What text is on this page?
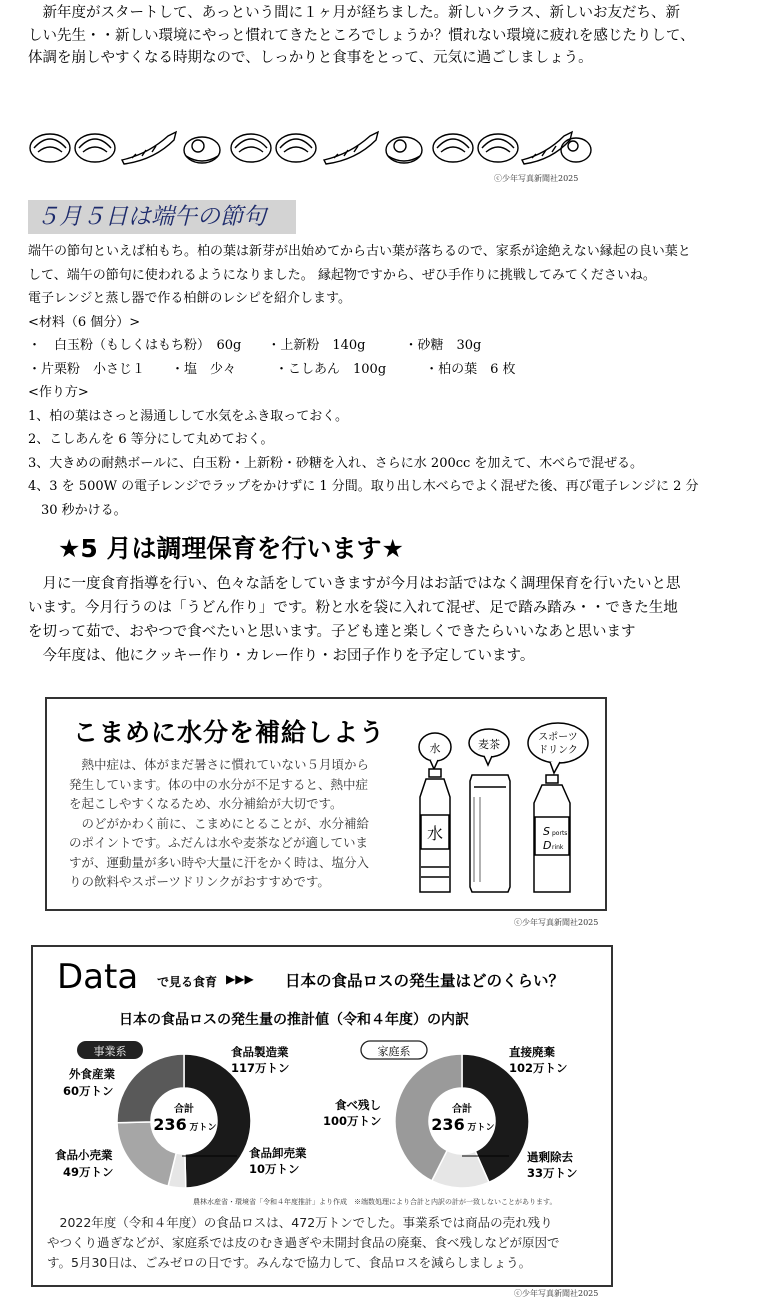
　新年度がスタートして、あっという間に１ヶ月が経ちました。新しいクラス、新しいお友だち、新

しい先生・・新しい環境にやっと慣れてきたところでしょうか？慣れない環境に疲れを感じたりして、

体調を崩しやすくなる時期なので、しっかりと食事をとって、元気に過ごしましょう。

ⓒ少年写真新聞社2025
５月５日は端午の節句

端午の節句といえば柏もち。柏の葉は新芽が出始めてから古い葉が落ちるので、家系が途絶えない縁起の良い葉と

して、端午の節句に使われるようになりました。 縁起物ですから、ぜひ手作りに挑戦してみてくださいね。

電子レンジと蒸し器で作る柏餅のレシピを紹介します。

<材料（6 個分）>

・　白玉粉（もしくはもち粉）　60g　　・上新粉　140g　　　・砂糖　30g

・片栗粉　小さじ１　　・塩　少々　　　・こしあん　100g　　　・柏の葉　6 枚

<作り方>

1、柏の葉はさっと湯通しして水気をふき取っておく。

2、こしあんを 6 等分にして丸めておく。

3、大きめの耐熱ボールに、白玉粉・上新粉・砂糖を入れ、さらに水 200cc を加えて、木べらで混ぜる。

4、3 を 500W の電子レンジでラップをかけずに 1 分間。取り出し木べらでよく混ぜた後、再び電子レンジに 2 分

　30 秒かける。

★5 月は調理保育を行います★

　月に一度食育指導を行い、色々な話をしていきますが今月はお話ではなく調理保育を行いたいと思

います。今月行うのは「うどん作り」です。粉と水を袋に入れて混ぜ、足で踏み踏み・・できた生地

を切って茹で、おやつで食べたいと思います。子ども達と楽しくできたらいいなあと思います

　今年度は、他にクッキー作り・カレー作り・お団子作りを予定しています。

こまめに水分を補給しよう

　熱中症は、体がまだ暑さに慣れていない５月頃から

発生しています。体の中の水分が不足すると、熱中症

を起こしやすくなるため、水分補給が大切です。

　のどがかわく前に、こまめにとることが、水分補給

のポイントです。ふだんは水や麦茶などが適していま

すが、運動量が多い時や大量に汗をかく時は、塩分入

りの飲料やスポーツドリンクがおすすめです。

水	麦茶
スポーツ
ドリンク
水	S ports
D rink
ⓒ少年写真新聞社2025
Data で見る食育 ▶▶▶ 日本の食品ロスの発生量はどのくらい？
日本の食品ロスの発生量の推計値（令和４年度）の内訳
事業系	家庭系
合計
236 万トン
合計
236 万トン
食品製造業
117万トン
食品卸売業
10万トン
食品小売業
49万トン
外食産業
60万トン
直接廃棄
102万トン
過剰除去
33万トン
食べ残し
100万トン
農林水産省・環境省「令和４年度推計」より作成　※端数処理により合計と内訳の計が一致しないことがあります。

　2022年度（令和４年度）の食品ロスは、472万トンでした。事業系では商品の売れ残り

やつくり過ぎなどが、家庭系では皮のむき過ぎや未開封食品の廃棄、食べ残しなどが原因で

す。5月30日は、ごみゼロの日です。みんなで協力して、食品ロスを減らしましょう。

ⓒ少年写真新聞社2025
